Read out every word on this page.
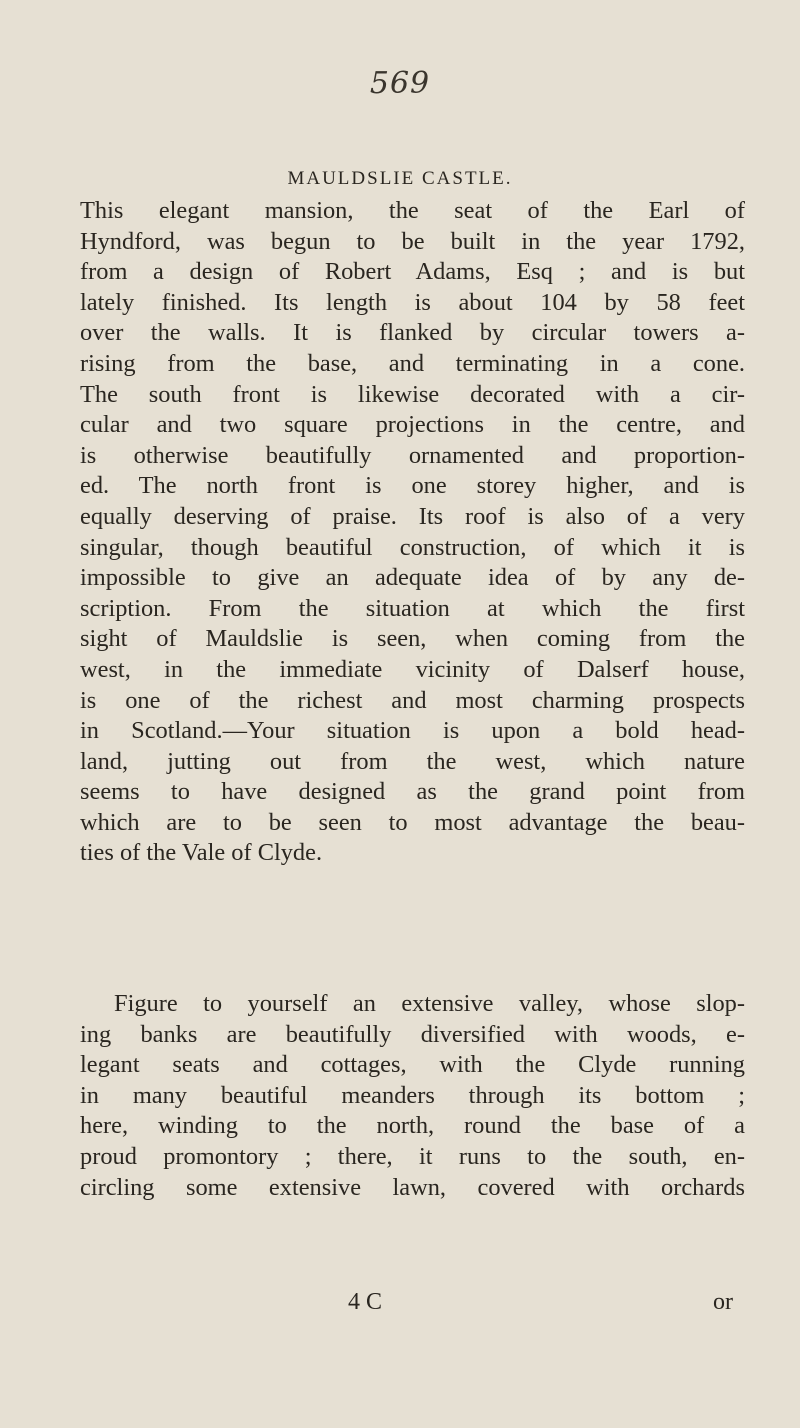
569
MAULDSLIE CASTLE.
This elegant mansion, the seat of the Earl of
Hyndford, was begun to be built in the year 1792,
from a design of Robert Adams, Esq ; and is but
lately finished. Its length is about 104 by 58 feet
over the walls. It is flanked by circular towers a-
rising from the base, and terminating in a cone.
The south front is likewise decorated with a cir-
cular and two square projections in the centre, and
is otherwise beautifully ornamented and proportion-
ed. The north front is one storey higher, and is
equally deserving of praise. Its roof is also of a very
singular, though beautiful construction, of which it is
impossible to give an adequate idea of by any de-
scription. From the situation at which the first
sight of Mauldslie is seen, when coming from the
west, in the immediate vicinity of Dalserf house,
is one of the richest and most charming prospects
in Scotland.—Your situation is upon a bold head-
land, jutting out from the west, which nature
seems to have designed as the grand point from
which are to be seen to most advantage the beau-
ties of the Vale of Clyde.
Figure to yourself an extensive valley, whose slop-
ing banks are beautifully diversified with woods, e-
legant seats and cottages, with the Clyde running
in many beautiful meanders through its bottom ;
here, winding to the north, round the base of a
proud promontory ; there, it runs to the south, en-
circling some extensive lawn, covered with orchards
4 C	or
